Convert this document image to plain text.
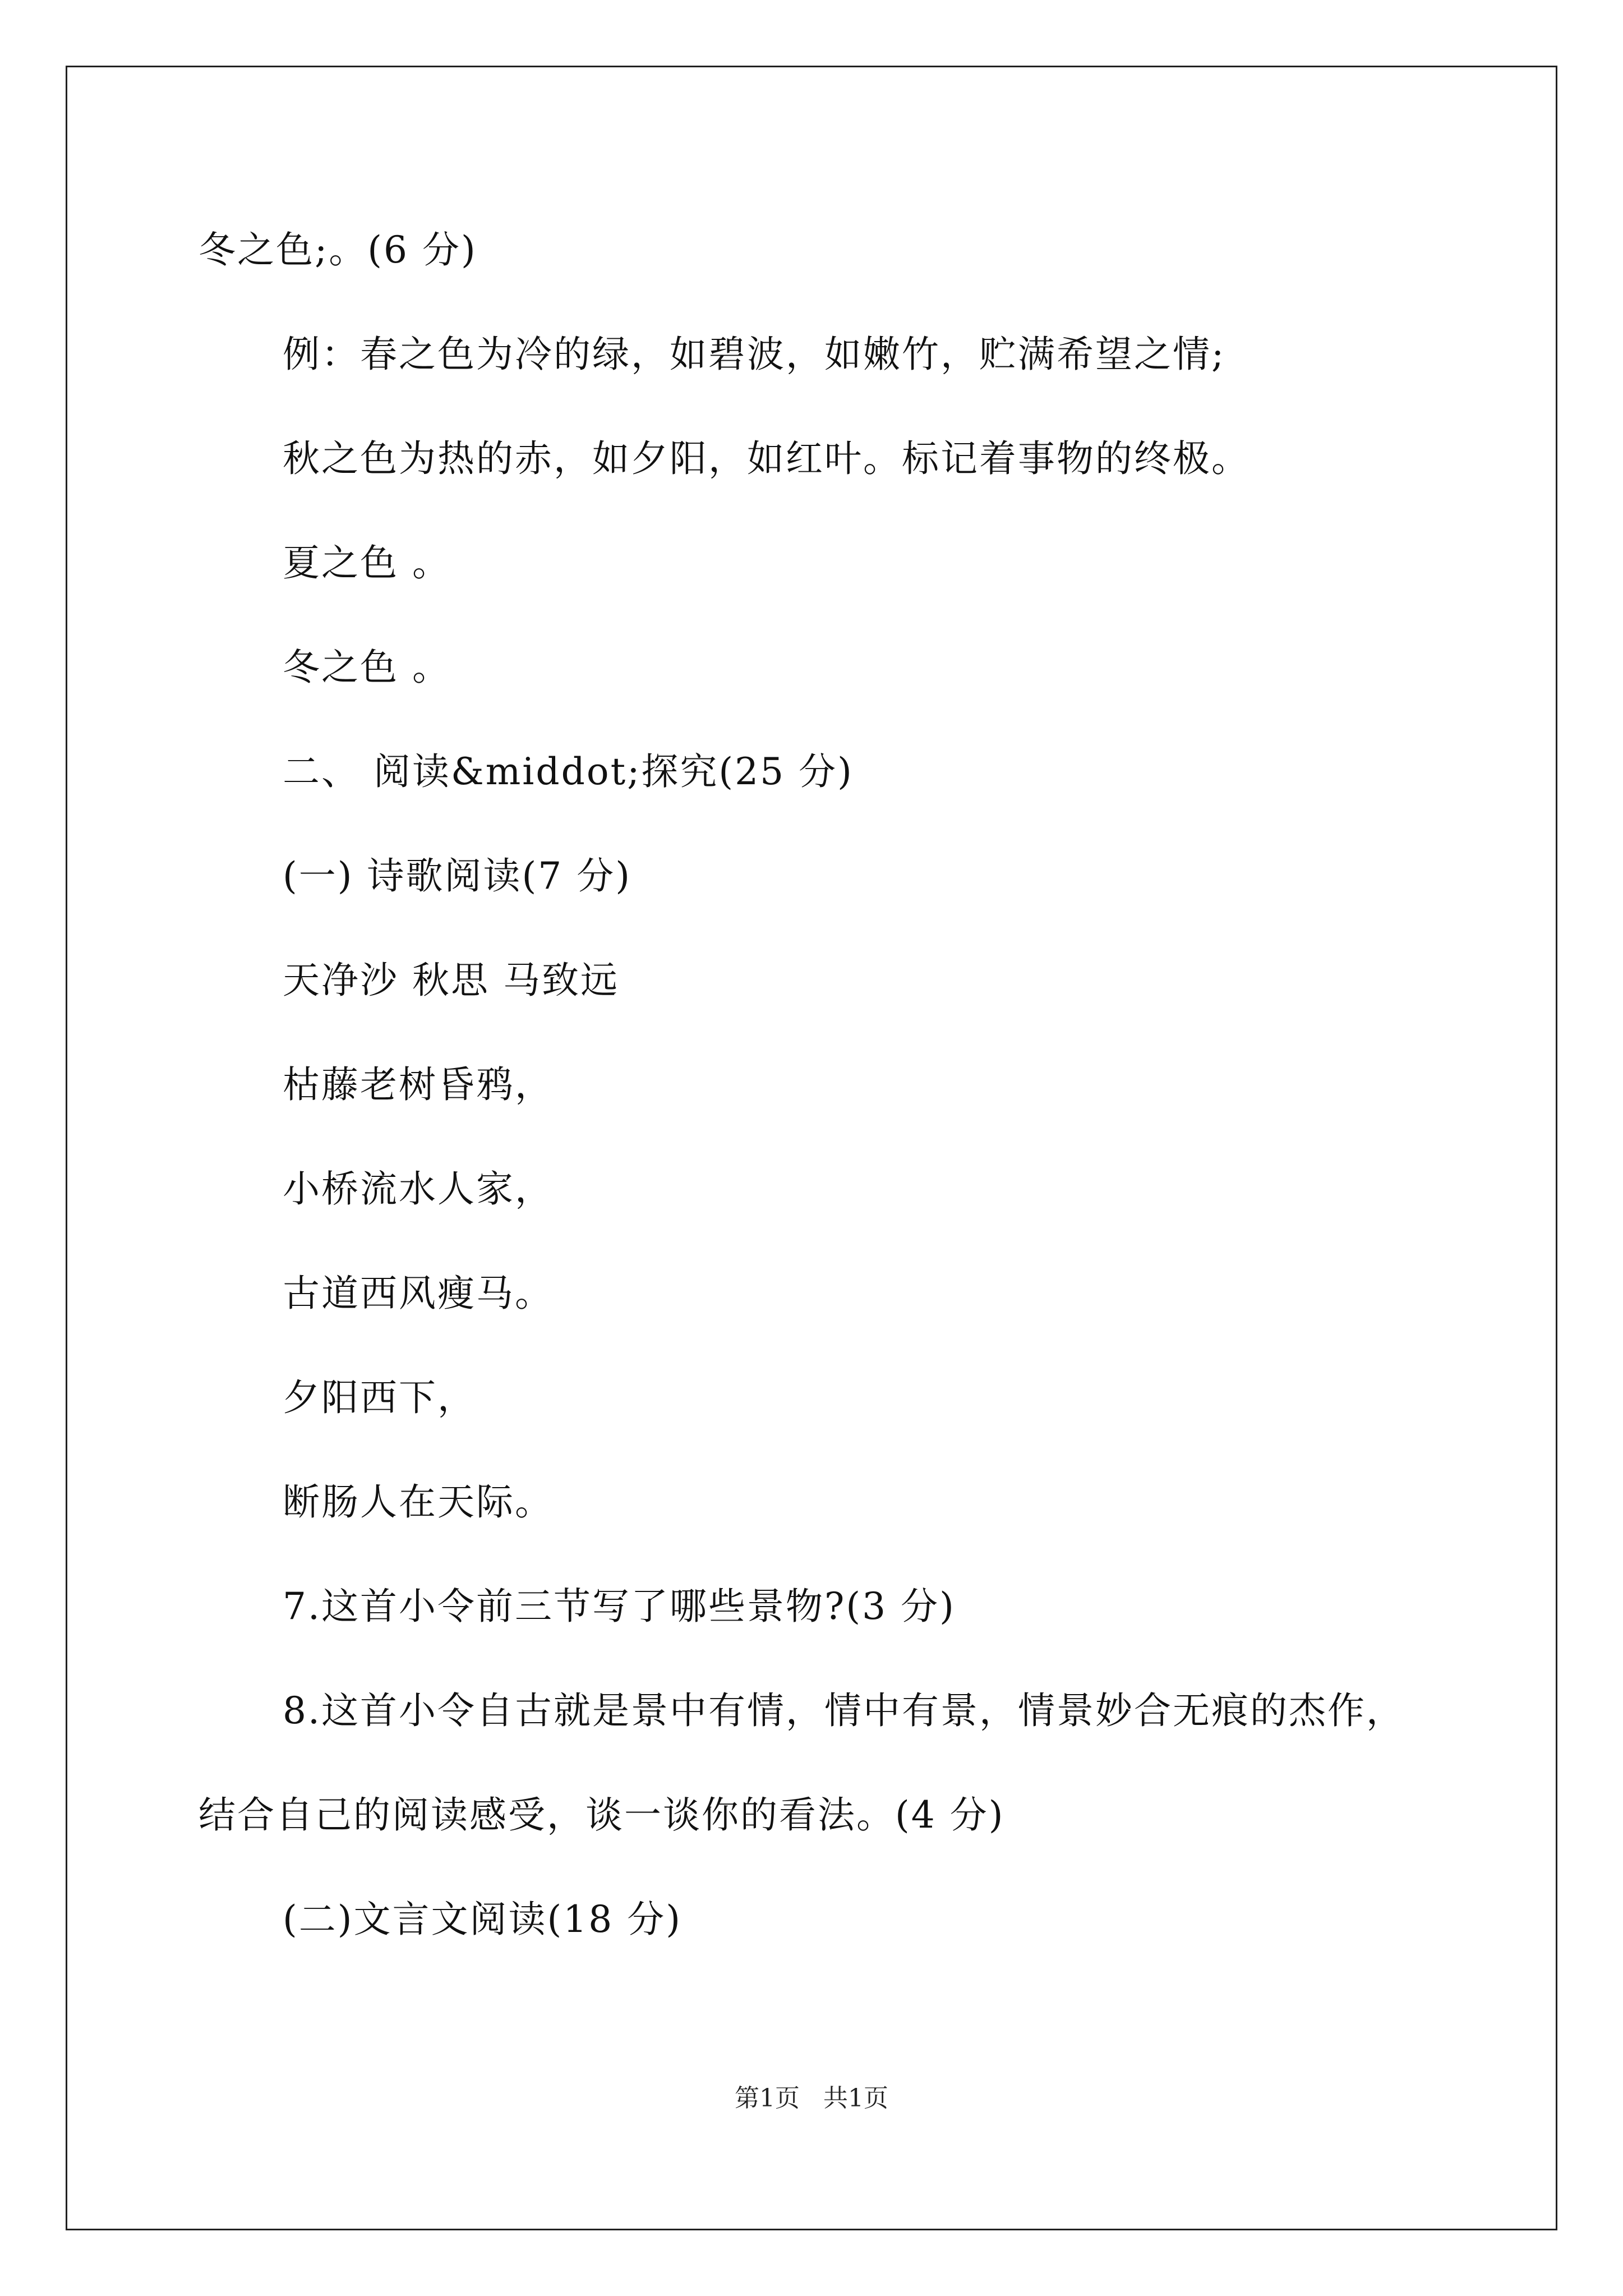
冬之色;。(6 分)
例：春之色为冷的绿，如碧波，如嫩竹，贮满希望之情;
秋之色为热的赤，如夕阳，如红叶。标记着事物的终极。
夏之色 。
冬之色 。
二、 阅读&middot;探究(25 分)
(一) 诗歌阅读(7 分)
天净沙 秋思 马致远
枯藤老树昏鸦，
小桥流水人家，
古道西风瘦马。
夕阳西下，
断肠人在天际。
7.这首小令前三节写了哪些景物?(3 分)
8.这首小令自古就是景中有情，情中有景，情景妙合无痕的杰作，
结合自己的阅读感受，谈一谈你的看法。(4 分)
(二)文言文阅读(18 分)
第1页   共1页
